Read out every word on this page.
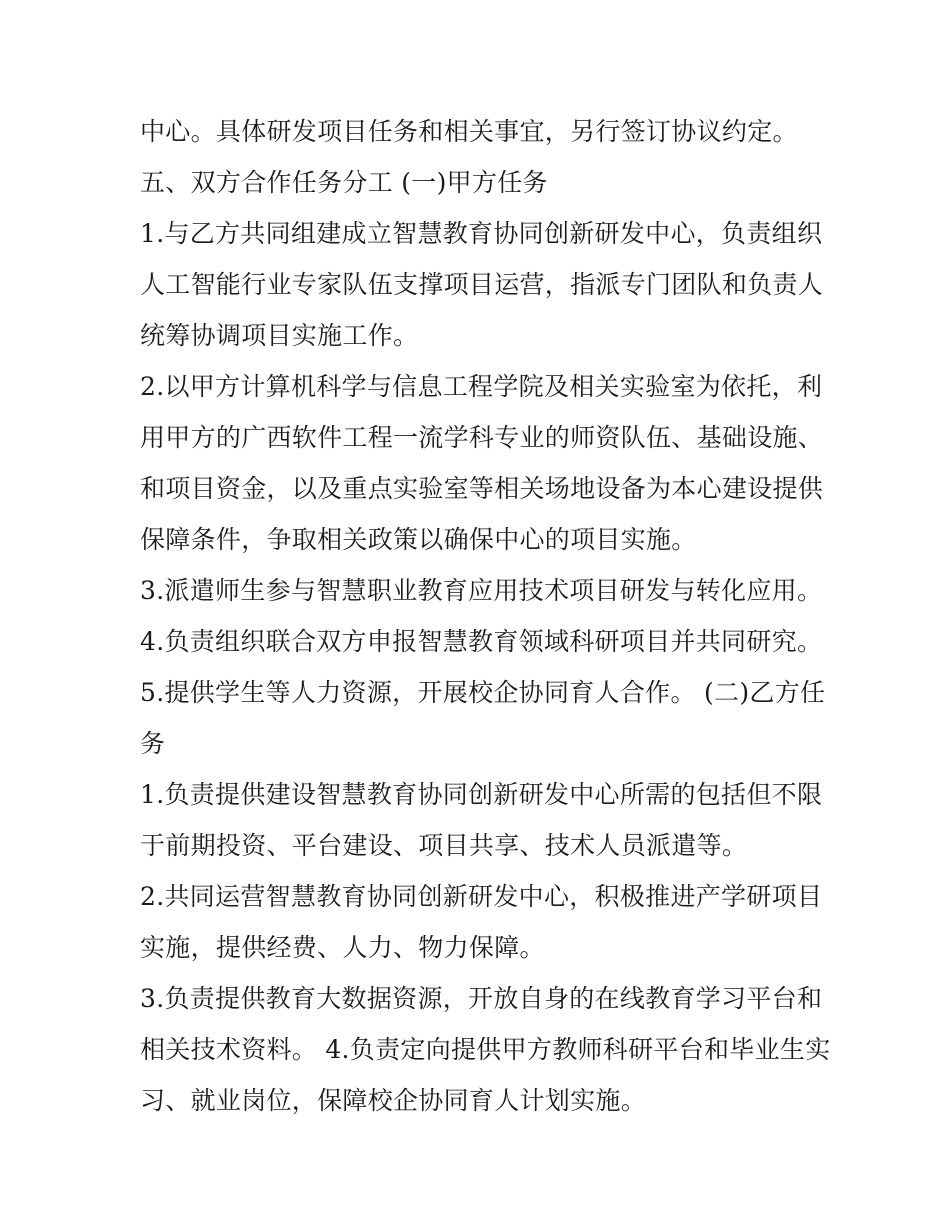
中心。具体研发项目任务和相关事宜，另行签订协议约定。
五、双方合作任务分工 (一)甲方任务
1.与乙方共同组建成立智慧教育协同创新研发中心，负责组织
人工智能行业专家队伍支撑项目运营，指派专门团队和负责人
统筹协调项目实施工作。
2.以甲方计算机科学与信息工程学院及相关实验室为依托，利
用甲方的广西软件工程一流学科专业的师资队伍、基础设施、
和项目资金，以及重点实验室等相关场地设备为本心建设提供
保障条件，争取相关政策以确保中心的项目实施。
3.派遣师生参与智慧职业教育应用技术项目研发与转化应用。
4.负责组织联合双方申报智慧教育领域科研项目并共同研究。
5.提供学生等人力资源，开展校企协同育人合作。 (二)乙方任
务
1.负责提供建设智慧教育协同创新研发中心所需的包括但不限
于前期投资、平台建设、项目共享、技术人员派遣等。
2.共同运营智慧教育协同创新研发中心，积极推进产学研项目
实施，提供经费、人力、物力保障。
3.负责提供教育大数据资源，开放自身的在线教育学习平台和
相关技术资料。 4.负责定向提供甲方教师科研平台和毕业生实
习、就业岗位，保障校企协同育人计划实施。
